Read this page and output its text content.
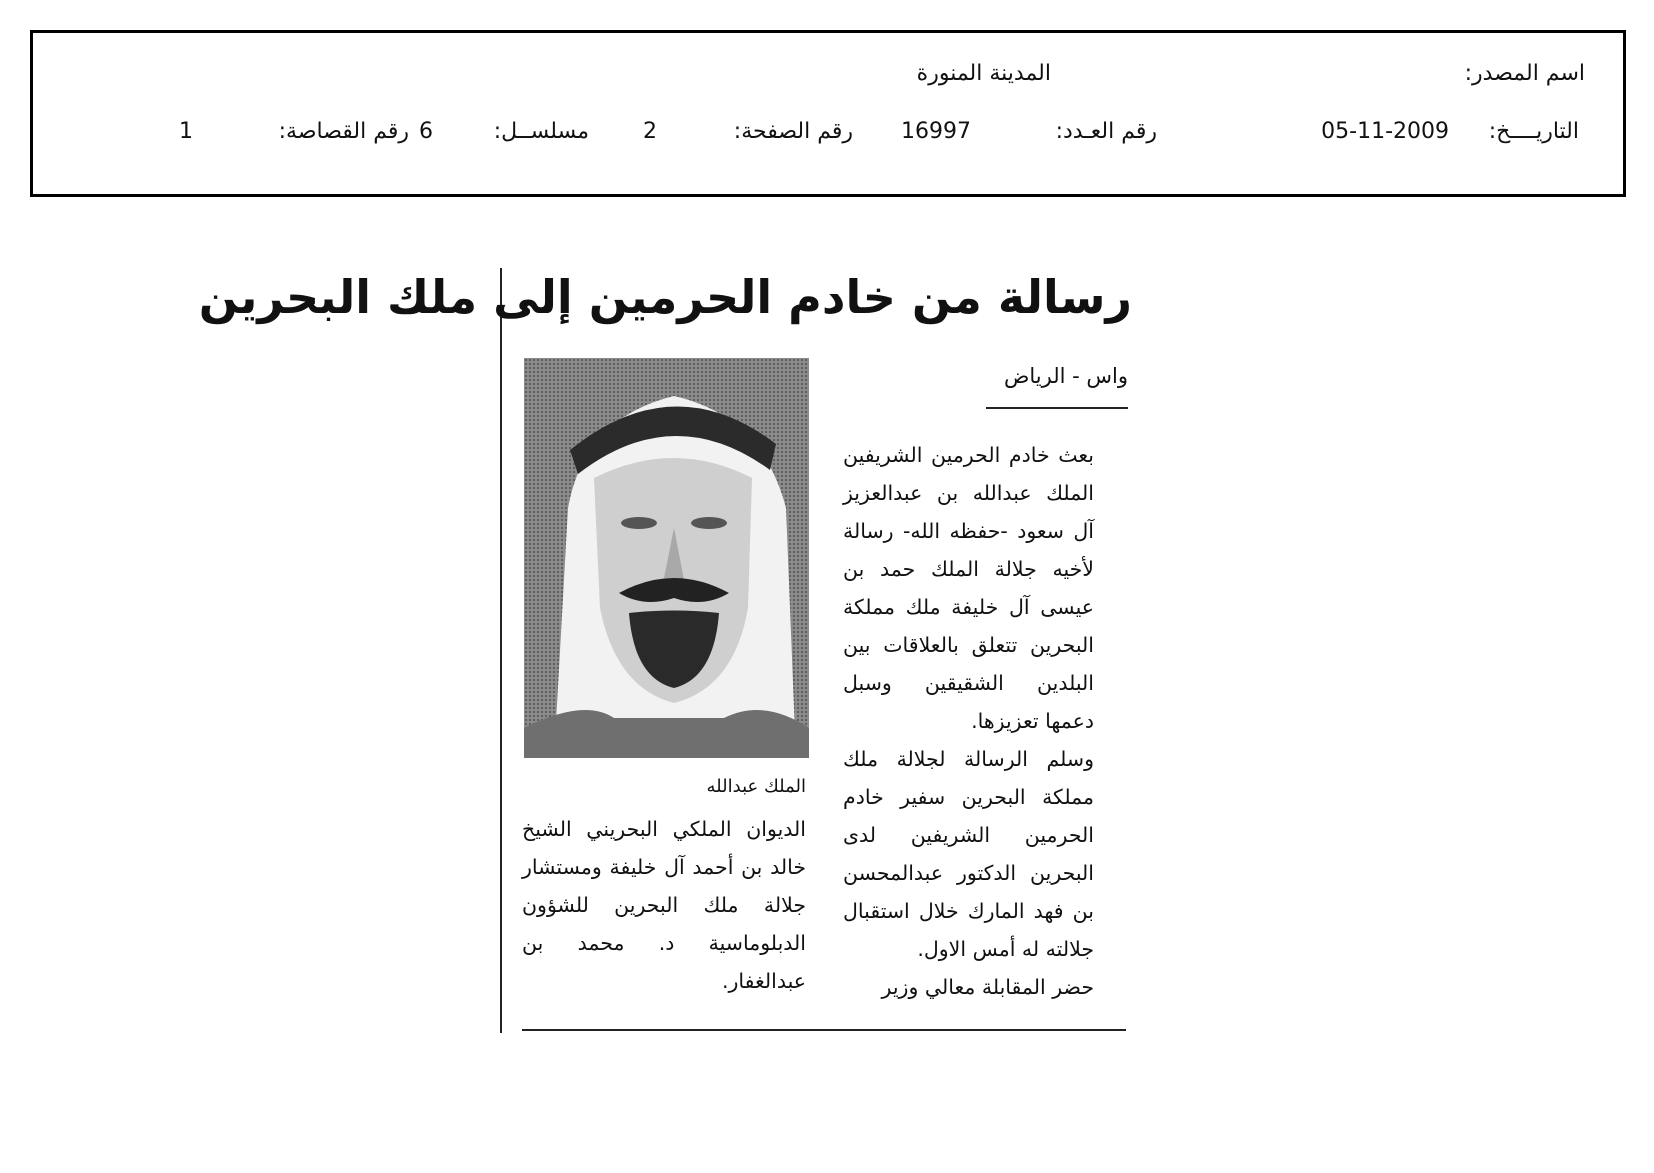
اسم المصدر:
المدينة المنورة
التاريــــخ:
05-11-2009
رقم العـدد:
16997
رقم الصفحة:
2
مسلســل:
6
رقم القصاصة:
1
رسالة من خادم الحرمين إلى ملك البحرين
واس - الرياض

بعث خادم الحرمين الشريفين الملك عبدالله بن عبدالعزيز آل سعود -حفظه الله- رسالة لأخيه جلالة الملك حمد بن عيسى آل خليفة ملك مملكة البحرين تتعلق بالعلاقات بين البلدين الشقيقين وسبل دعمها تعزيزها.

وسلم الرسالة لجلالة ملك مملكة البحرين سفير خادم الحرمين الشريفين لدى البحرين الدكتور عبدالمحسن بن فهد المارك خلال استقبال جلالته له أمس الاول.

حضر المقابلة معالي وزير

الملك عبدالله

الديوان الملكي البحريني الشيخ خالد بن أحمد آل خليفة ومستشار جلالة ملك البحرين للشؤون الدبلوماسية د. محمد بن عبدالغفار.
